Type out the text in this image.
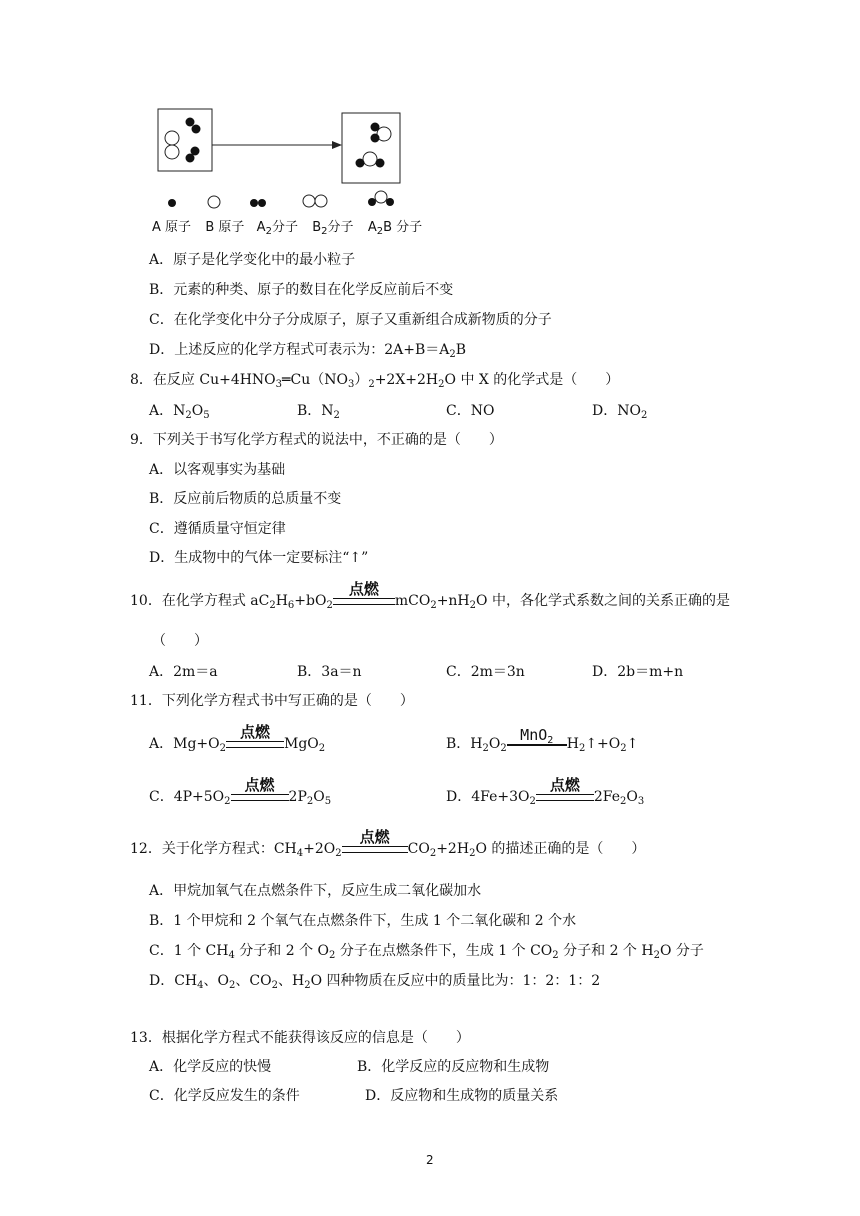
A 原子 B 原子 $A_2$分子 $B_2$分子 $A_2B$ 分子
A．原子是化学变化中的最小粒子
B．元素的种类、原子的数目在化学反应前后不变
C．在化学变化中分子分成原子，原子又重新组合成新物质的分子
D．上述反应的化学方程式可表示为：$2A+B=A_2B$
8．在反应 $Cu+4HNO_3═Cu(NO_3)_2+2X+2H_2O$ 中 X 的化学式是（　　）
A．$N_2O_5$	B．$N_2$	C．NO	D．$NO_2$
9．下列关于书写化学方程式的说法中，不正确的是（　　）
A．以客观事实为基础
B．反应前后物质的总质量不变
C．遵循质量守恒定律
D．生成物中的气体一定要标注“↑”
10．在化学方程式 $aC_2H_6+bO_2$
点燃
$mCO_2+nH_2O$ 中，各化学式系数之间的关系正确的是
（　　）
A．2m＝a	B．3a＝n	C．2m＝3n	D．2b＝m+n
11．下列化学方程式书中写正确的是（　　）
A．$Mg+O_2$
点燃
MgO$_2$	B．$H_2O_2$
MnO$_2$ $H_2↑+O_2↑$
C．$4P+5O_2$
点燃
$2P_2O_5$	D．$4Fe+3O_2$
点燃
$2Fe_2O_3$
12．关于化学方程式：$CH_4+2O_2$
点燃
$CO_2+2H_2O$ 的描述正确的是（　　）
A．甲烷加氧气在点燃条件下，反应生成二氧化碳加水
B．1 个甲烷和 2 个氧气在点燃条件下，生成 1 个二氧化碳和 2 个水
C．1 个 $CH_4$ 分子和 2 个 $O_2$ 分子在点燃条件下，生成 1 个 $CO_2$ 分子和 2 个 $H_2O$ 分子
D．$CH_4$、$O_2$、$CO_2$、$H_2O$ 四种物质在反应中的质量比为：1：2：1：2
13．根据化学方程式不能获得该反应的信息是（　　）
A．化学反应的快慢	B．化学反应的反应物和生成物
C．化学反应发生的条件	D．反应物和生成物的质量关系
2
